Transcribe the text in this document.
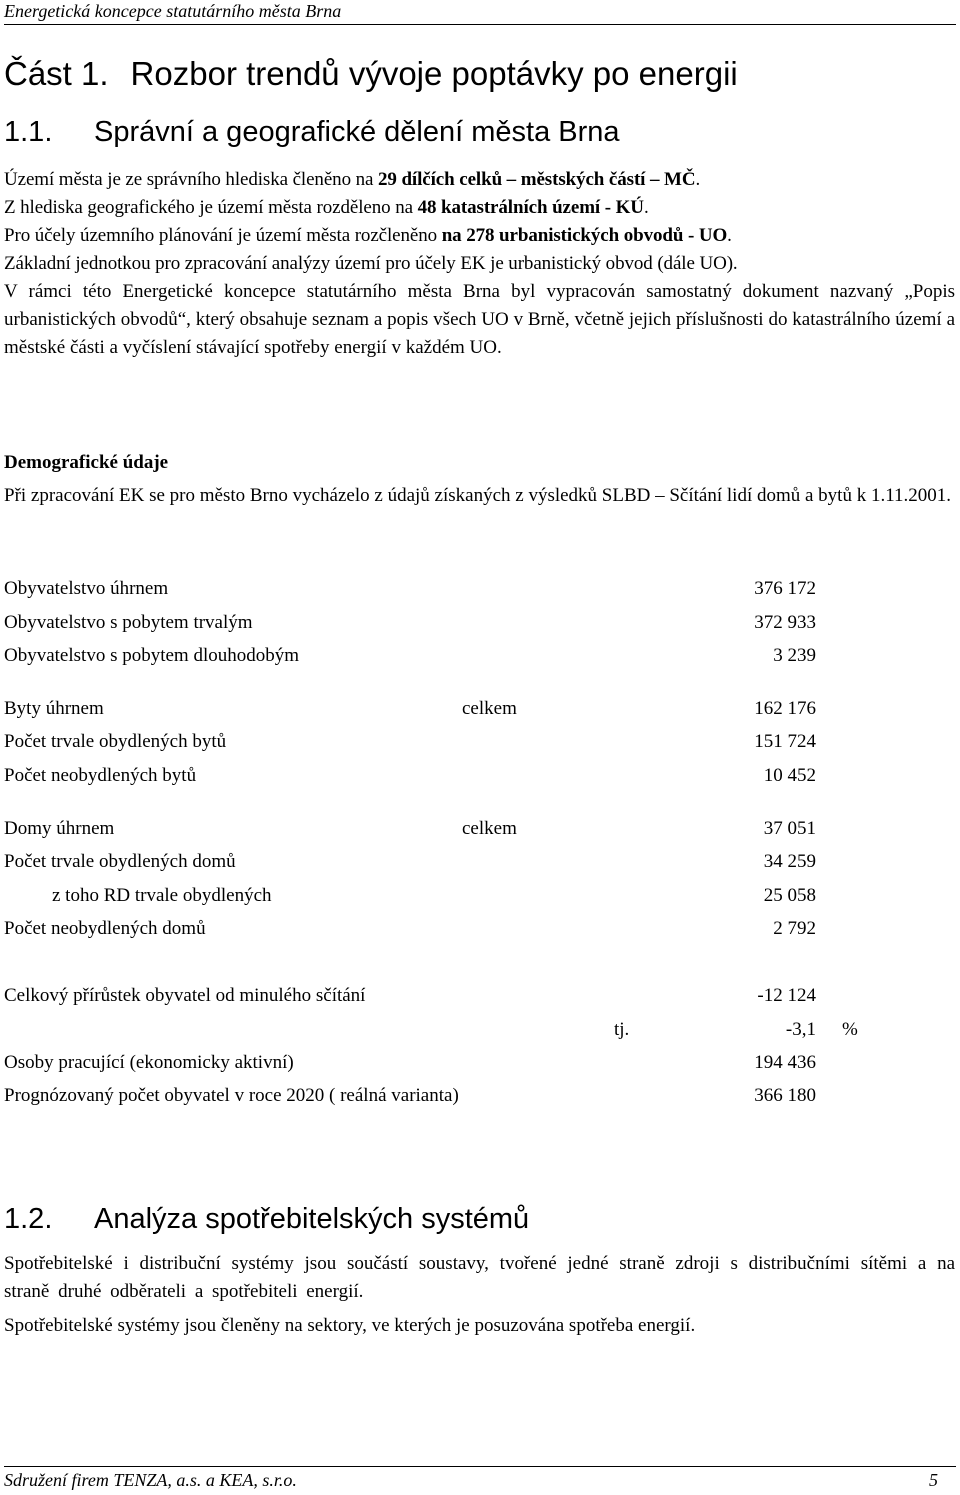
Energetická koncepce statutárního města Brna
Část 1. Rozbor trendů vývoje poptávky po energii
1.1. Správní a geografické dělení města Brna

Území města je ze správního hlediska členěno na 29 dílčích celků – městských částí – MČ.

Z hlediska geografického je území města rozděleno na 48 katastrálních území - KÚ.

Pro účely územního plánování je území města rozčleněno na 278 urbanistických obvodů - UO.

Základní jednotkou pro zpracování analýzy území pro účely EK je urbanistický obvod (dále UO).

V rámci této Energetické koncepce statutárního města Brna byl vypracován samostatný dokument nazvaný „Popis urbanistických obvodů“, který obsahuje seznam a popis všech UO v Brně, včetně jejich příslušnosti do katastrálního území a městské části a vyčíslení stávající spotřeby energií v každém UO.

Demografické údaje

Při zpracování EK se pro město Brno vycházelo z údajů získaných z výsledků SLBD – Sčítání lidí domů a bytů k 1.11.2001.

Obyvatelstvo úhrnem	376 172
Obyvatelstvo s pobytem trvalým	372 933
Obyvatelstvo s pobytem dlouhodobým	3 239
Byty úhrnem	celkem	162 176
Počet trvale obydlených bytů	151 724
Počet neobydlených bytů	10 452
Domy úhrnem	celkem	37 051
Počet trvale obydlených domů	34 259
z toho RD trvale obydlených	25 058
Počet neobydlených domů	2 792
Celkový přírůstek obyvatel od minulého sčítání	-12 124
tj.	-3,1 %
Osoby pracující (ekonomicky aktivní)	194 436
Prognózovaný počet obyvatel v roce 2020 ( reálná varianta)	366 180
1.2. Analýza spotřebitelských systémů

Spotřebitelské i distribuční systémy jsou součástí soustavy, tvořené jedné straně zdroji s distribučními sítěmi a na straně druhé odběrateli a spotřebiteli energií.

Spotřebitelské systémy jsou členěny na sektory, ve kterých je posuzována spotřeba energií.

Sdružení firem TENZA, a.s. a KEA, s.r.o.	5
